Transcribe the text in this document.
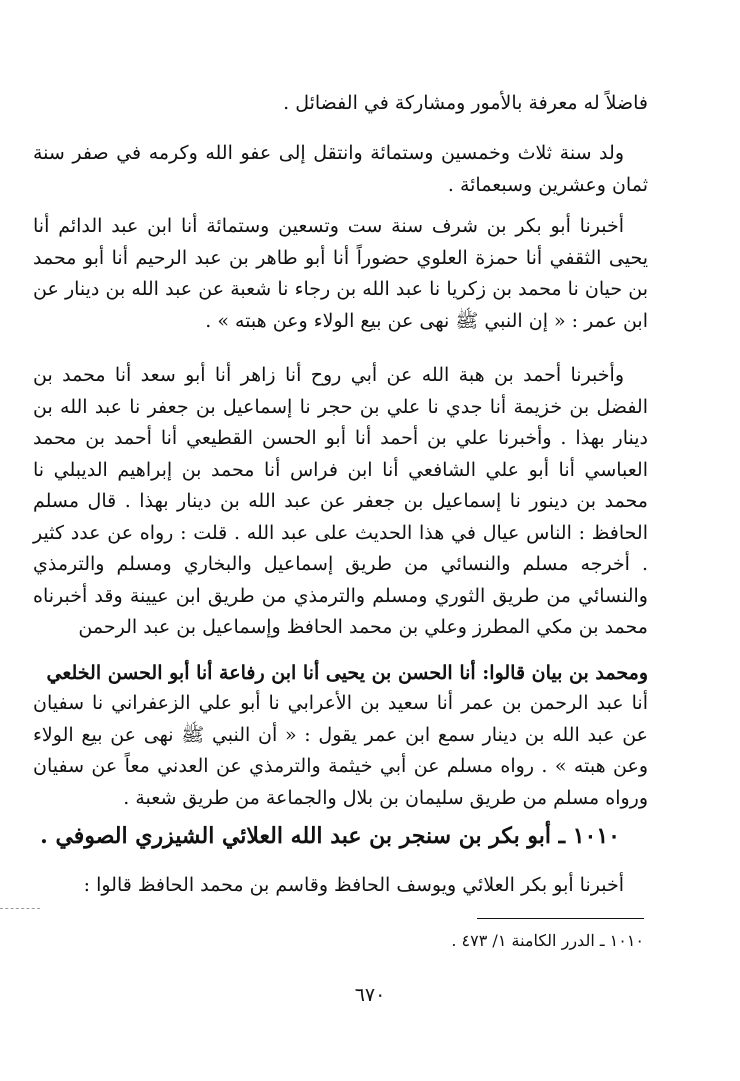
فاضلاً له معرفة بالأمور ومشاركة في الفضائل .

ولد سنة ثلاث وخمسين وستمائة وانتقل إلى عفو الله وكرمه في صفر سنة ثمان وعشرين وسبعمائة .

أخبرنا أبو بكر بن شرف سنة ست وتسعين وستمائة أنا ابن عبد الدائم أنا يحيى الثقفي أنا حمزة العلوي حضوراً أنا أبو طاهر بن عبد الرحيم أنا أبو محمد بن حيان نا محمد بن زكريا نا عبد الله بن رجاء نا شعبة عن عبد الله بن دينار عن ابن عمر : « إن النبي ﷺ نهى عن بيع الولاء وعن هبته » .

وأخبرنا أحمد بن هبة الله عن أبي روح أنا زاهر أنا أبو سعد أنا محمد بن الفضل بن خزيمة أنا جدي نا علي بن حجر نا إسماعيل بن جعفر نا عبد الله بن دينار بهذا . وأخبرنا علي بن أحمد أنا أبو الحسن القطيعي أنا أحمد بن محمد العباسي أنا أبو علي الشافعي أنا ابن فراس أنا محمد بن إبراهيم الديبلي نا محمد بن دينور نا إسماعيل بن جعفر عن عبد الله بن دينار بهذا . قال مسلم الحافظ : الناس عيال في هذا الحديث على عبد الله . قلت : رواه عن عدد كثير . أخرجه مسلم والنسائي من طريق إسماعيل والبخاري ومسلم والترمذي والنسائي من طريق الثوري ومسلم والترمذي من طريق ابن عيينة وقد أخبرناه محمد بن مكي المطرز وعلي بن محمد الحافظ وإسماعيل بن عبد الرحمن

ومحمد بن بيان قالوا: أنا الحسن بن يحيى أنا ابن رفاعة أنا أبو الحسن الخلعي

أنا عبد الرحمن بن عمر أنا سعيد بن الأعرابي نا أبو علي الزعفراني نا سفيان عن عبد الله بن دينار سمع ابن عمر يقول : « أن النبي ﷺ نهى عن بيع الولاء وعن هبته » . رواه مسلم عن أبي خيثمة والترمذي عن العدني معاً عن سفيان ورواه مسلم من طريق سليمان بن بلال والجماعة من طريق شعبة .

١٠١٠ ـ أبو بكر بن سنجر بن عبد الله العلائي الشيزري الصوفي .

أخبرنا أبو بكر العلائي ويوسف الحافظ وقاسم بن محمد الحافظ قالوا :

١٠١٠ ـ الدرر الكامنة ١/ ٤٧٣ .

٦٧٠
